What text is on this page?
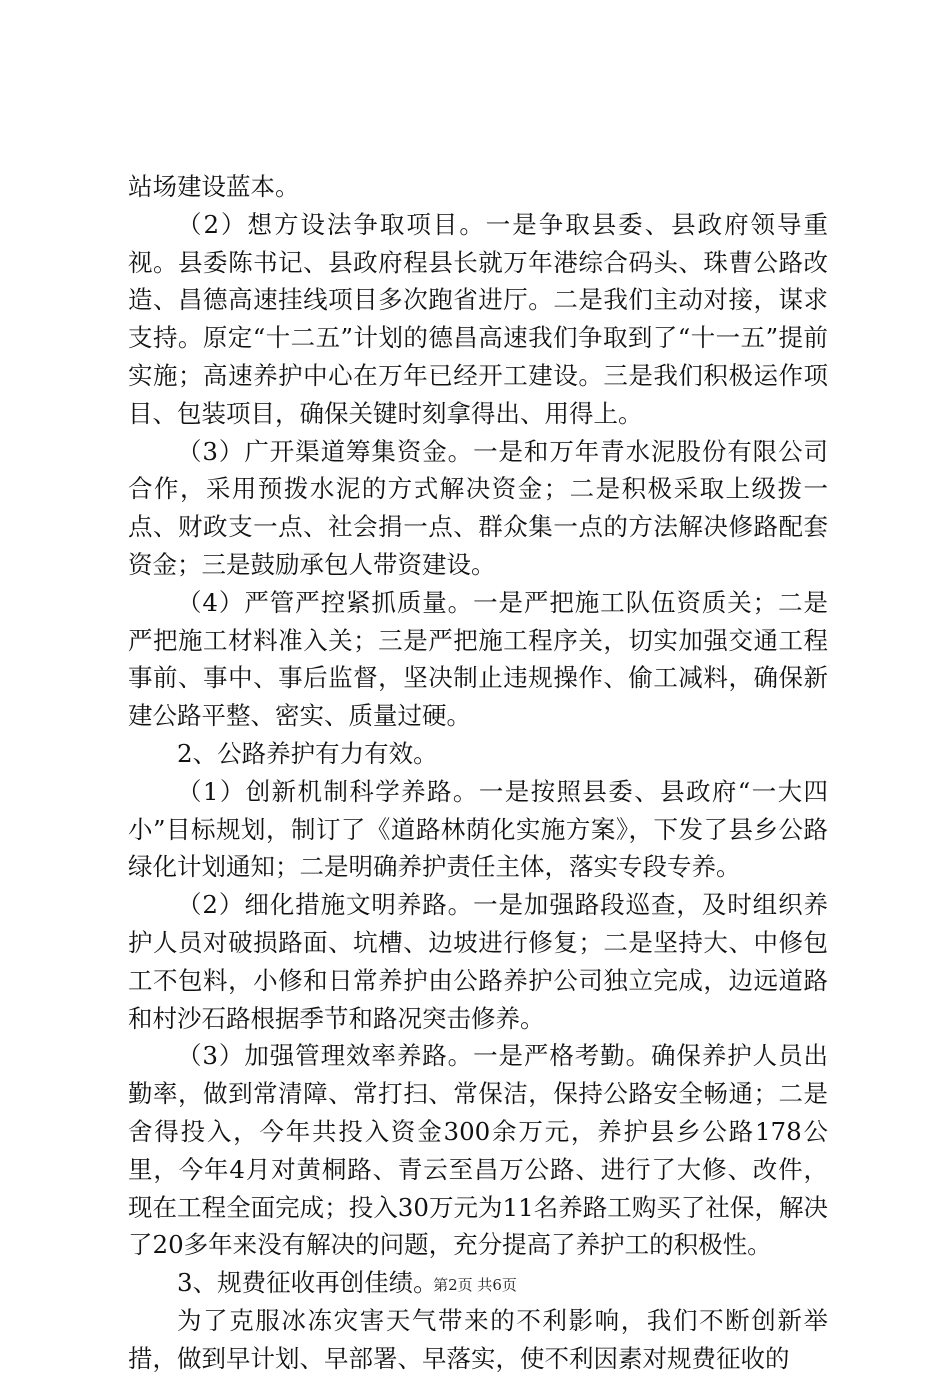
站场建设蓝本。

（2）想方设法争取项目。一是争取县委、县政府领导重视。县委陈书记、县政府程县长就万年港综合码头、珠曹公路改造、昌德高速挂线项目多次跑省进厅。二是我们主动对接，谋求支持。原定“十二五”计划的德昌高速我们争取到了“十一五”提前实施；高速养护中心在万年已经开工建设。三是我们积极运作项目、包装项目，确保关键时刻拿得出、用得上。

（3）广开渠道筹集资金。一是和万年青水泥股份有限公司合作，采用预拨水泥的方式解决资金；二是积极采取上级拨一点、财政支一点、社会捐一点、群众集一点的方法解决修路配套资金；三是鼓励承包人带资建设。

（4）严管严控紧抓质量。一是严把施工队伍资质关；二是严把施工材料准入关；三是严把施工程序关，切实加强交通工程事前、事中、事后监督，坚决制止违规操作、偷工减料，确保新建公路平整、密实、质量过硬。

2、公路养护有力有效。

（1）创新机制科学养路。一是按照县委、县政府“一大四小”目标规划，制订了《道路林荫化实施方案》，下发了县乡公路绿化计划通知；二是明确养护责任主体，落实专段专养。

（2）细化措施文明养路。一是加强路段巡查，及时组织养护人员对破损路面、坑槽、边坡进行修复；二是坚持大、中修包工不包料，小修和日常养护由公路养护公司独立完成，边远道路和村沙石路根据季节和路况突击修养。

（3）加强管理效率养路。一是严格考勤。确保养护人员出勤率，做到常清障、常打扫、常保洁，保持公路安全畅通；二是舍得投入，今年共投入资金300余万元，养护县乡公路178公里，今年4月对黄桐路、青云至昌万公路、进行了大修、改件，现在工程全面完成；投入30万元为11名养路工购买了社保，解决了20多年来没有解决的问题，充分提高了养护工的积极性。

3、规费征收再创佳绩。

为了克服冰冻灾害天气带来的不利影响，我们不断创新举措，做到早计划、早部署、早落实，使不利因素对规费征收的

第2页 共6页
